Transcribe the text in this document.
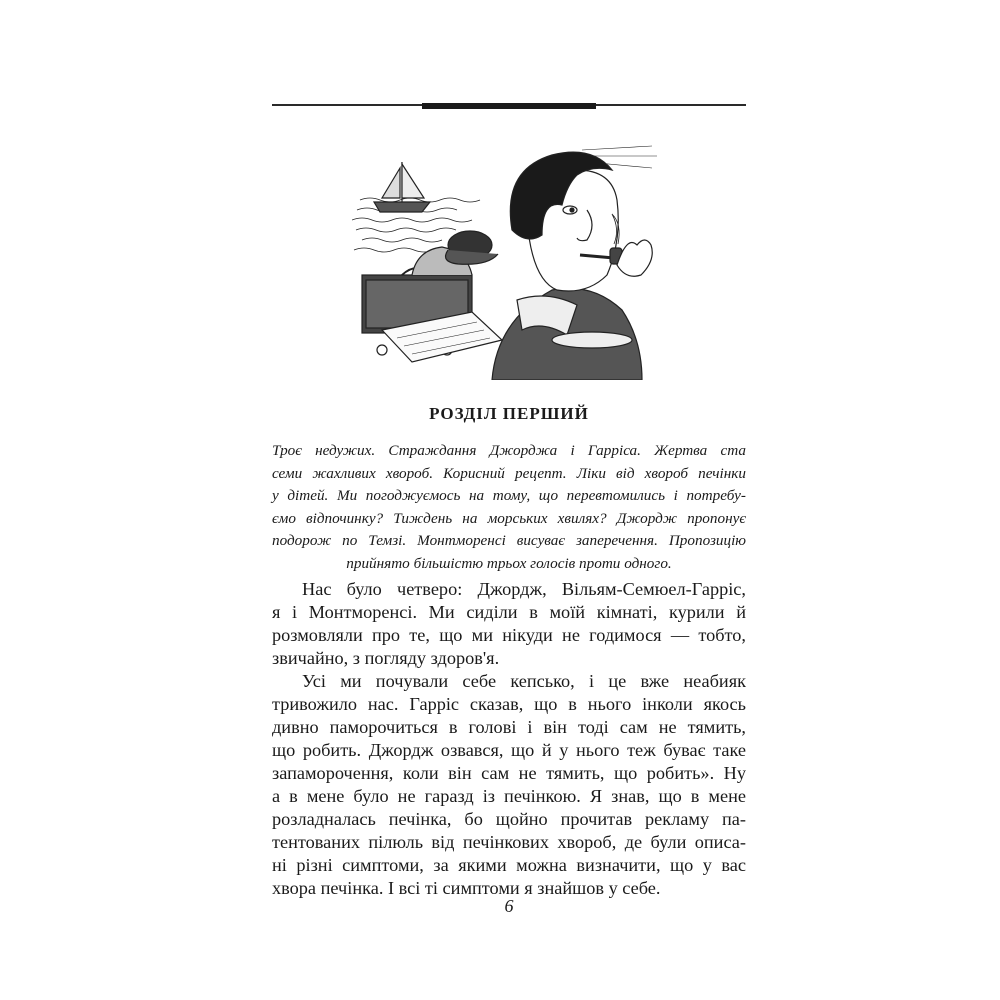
РОЗДІЛ ПЕРШИЙ
Троє недужих. Страждання Джорджа і Гарріса. Жертва ста
семи жахливих хвороб. Корисний рецепт. Ліки від хвороб печінки
у дітей. Ми погоджуємось на тому, що перевтомились і потребу-
ємо відпочинку? Тиждень на морських хвилях? Джордж пропонує
подорож по Темзі. Монтморенсі висуває заперечення. Пропозицію
прийнято більшістю трьох голосів проти одного.
Нас було четверо: Джордж, Вільям-Семюел-Гарріс,
я і Монтморенсі. Ми сиділи в моїй кімнаті, курили й
розмовляли про те, що ми нікуди не годимося — тобто,
звичайно, з погляду здоров'я.
Усі ми почували себе кепсько, і це вже неабияк
тривожило нас. Гарріс сказав, що в нього інколи якось
дивно паморочиться в голові і він тоді сам не тямить,
що робить. Джордж озвався, що й у нього теж буває таке
запаморочення, коли він сам не тямить, що робить». Ну
а в мене було не гаразд із печінкою. Я знав, що в мене
розладналась печінка, бо щойно прочитав рекламу па-
тентованих пілюль від печінкових хвороб, де були описа-
ні різні симптоми, за якими можна визначити, що у вас
хвора печінка. І всі ті симптоми я знайшов у себе.
6
